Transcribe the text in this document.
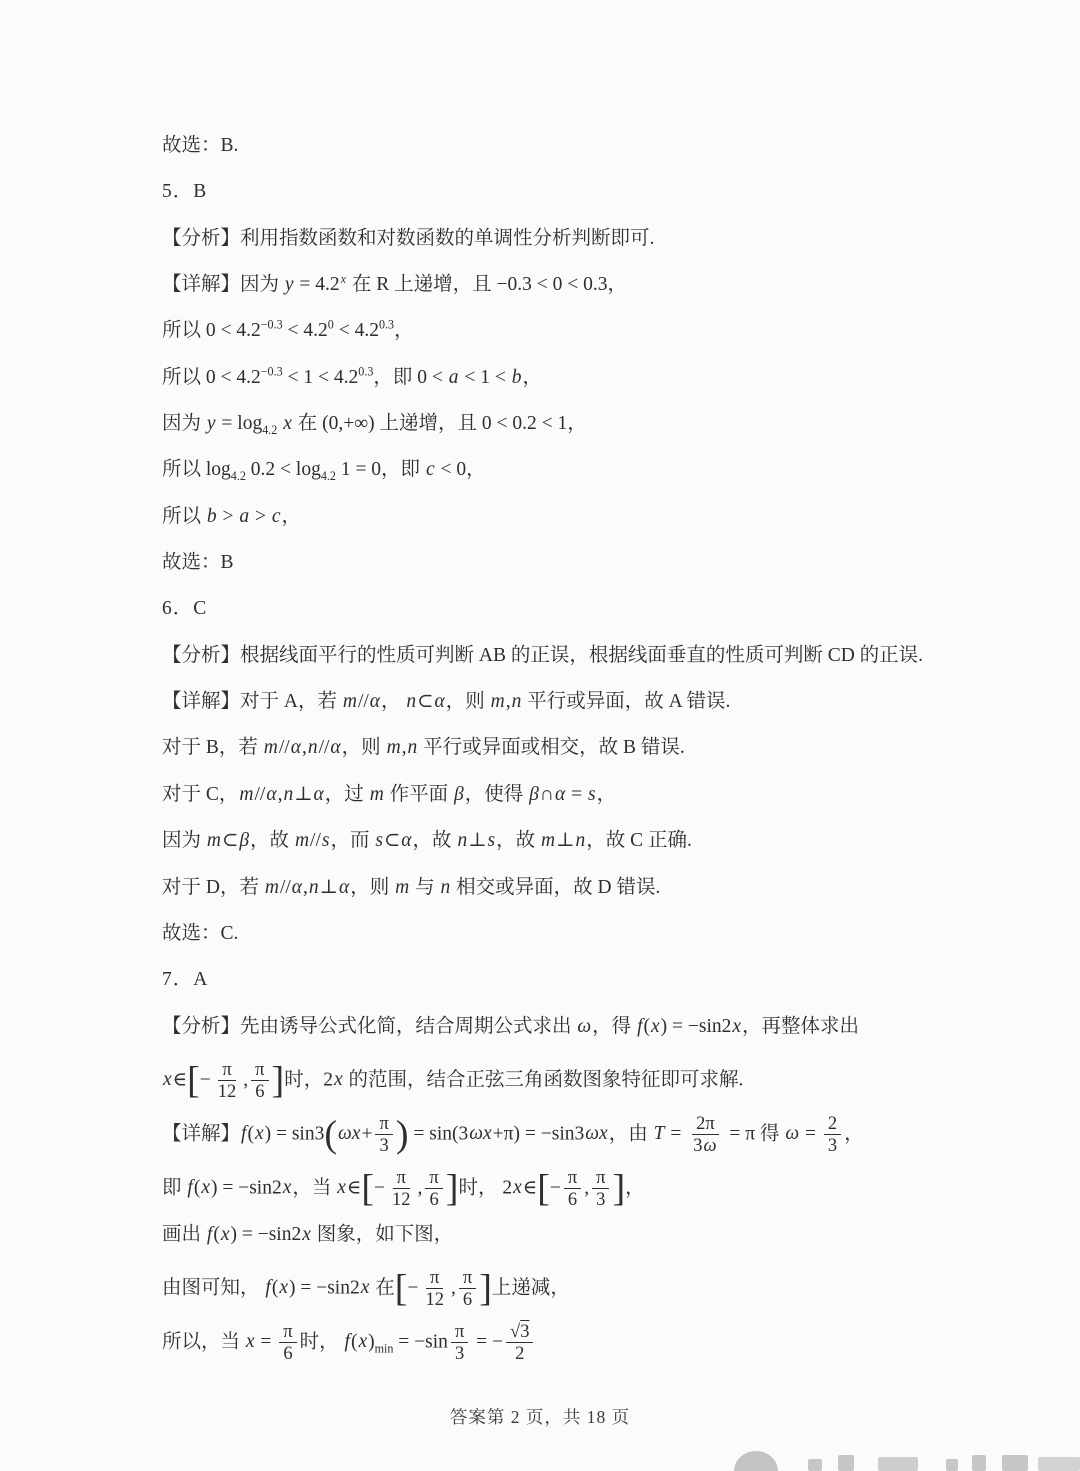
故选：B.

5．B

【分析】利用指数函数和对数函数的单调性分析判断即可.

【详解】因为 $y = 4.2^x$ 在 R 上递增，且 −0.3 < 0 < 0.3，

所以 $0 < 4.2^{-0.3} < 4.2^0 < 4.2^{0.3}$，

所以 $0 < 4.2^{-0.3} < 1 < 4.2^{0.3}$，即 0 < a < 1 < b，

因为 $y = \log_{4.2} x$ 在 (0,+∞) 上递增，且 0 < 0.2 < 1，

所以 $\log_{4.2} 0.2 < \log_{4.2} 1 = 0$，即 c < 0，

所以 b > a > c，

故选：B

6．C

【分析】根据线面平行的性质可判断 AB 的正误，根据线面垂直的性质可判断 CD 的正误.

【详解】对于 A，若 m//α， n⊂α，则 m,n 平行或异面，故 A 错误.

对于 B，若 m//α,n//α，则 m,n 平行或异面或相交，故 B 错误.

对于 C，m//α,n⊥α，过 m 作平面 β，使得 β∩α = s，

因为 m⊂β，故 m//s，而 s⊂α，故 n⊥s，故 m⊥n，故 C 正确.

对于 D，若 m//α,n⊥α，则 m 与 n 相交或异面，故 D 错误.

故选：C.

7．A

【分析】先由诱导公式化简，结合周期公式求出 ω，得 f(x) = −sin2x，再整体求出

x∈[− $\frac{\pi}{12}$ , $\frac{\pi}{6}$ ]时，2x 的范围，结合正弦三角函数图象特征即可求解.

【详解】$f(x) = \sin 3(\omega x+ \frac{\pi}{3}$ ) = sin(3ωx+π) = −sin3ωx，由 $T = \frac{2\pi}{3\omega} = \pi$ 得 $\omega = \frac{2}{3}$ ，

即 f(x) = −sin2x，当 x∈[− $\frac{\pi}{12}$ , $\frac{\pi}{6}$ ]时， 2x∈[− $\frac{\pi}{6}$ , $\frac{\pi}{3}$ ]，

画出 f(x) = −sin2x 图象，如下图，

由图可知， f(x) = −sin2x 在[− $\frac{\pi}{12}$ , $\frac{\pi}{6}$ ]上递减，

所以，当 $x = \frac{\pi}{6}$ 时， $f(x)_{min} = -\sin \frac{\pi}{3}$ = − $\frac{√3}{2}$

答案第 2 页，共 18 页
